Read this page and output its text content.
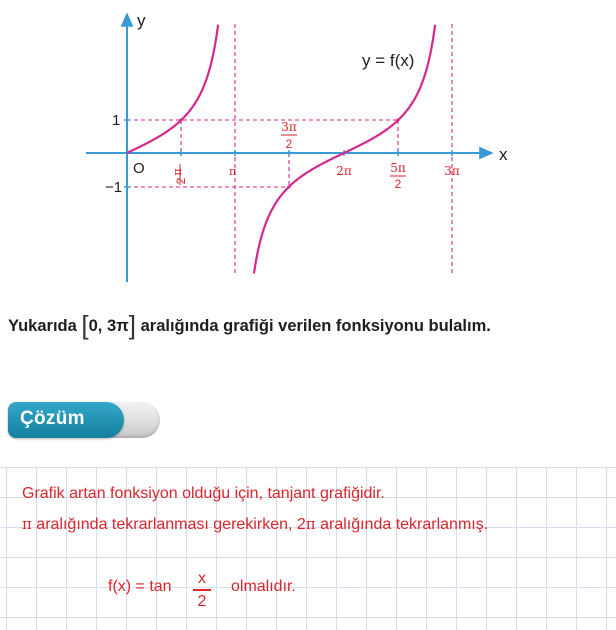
y
x
O
y = f(x)
1
−1
π	π
3π
2π	5π	3π
2
2
2
Yukarıda [0, 3π] aralığında grafiği verilen fonksiyonu bulalım.
Çözüm
Grafik artan fonksiyon olduğu için, tanjant grafiğidir.
π aralığında tekrarlanması gerekirken, 2π aralığında tekrarlanmış.
f(x) = tan	x
2
olmalıdır.
